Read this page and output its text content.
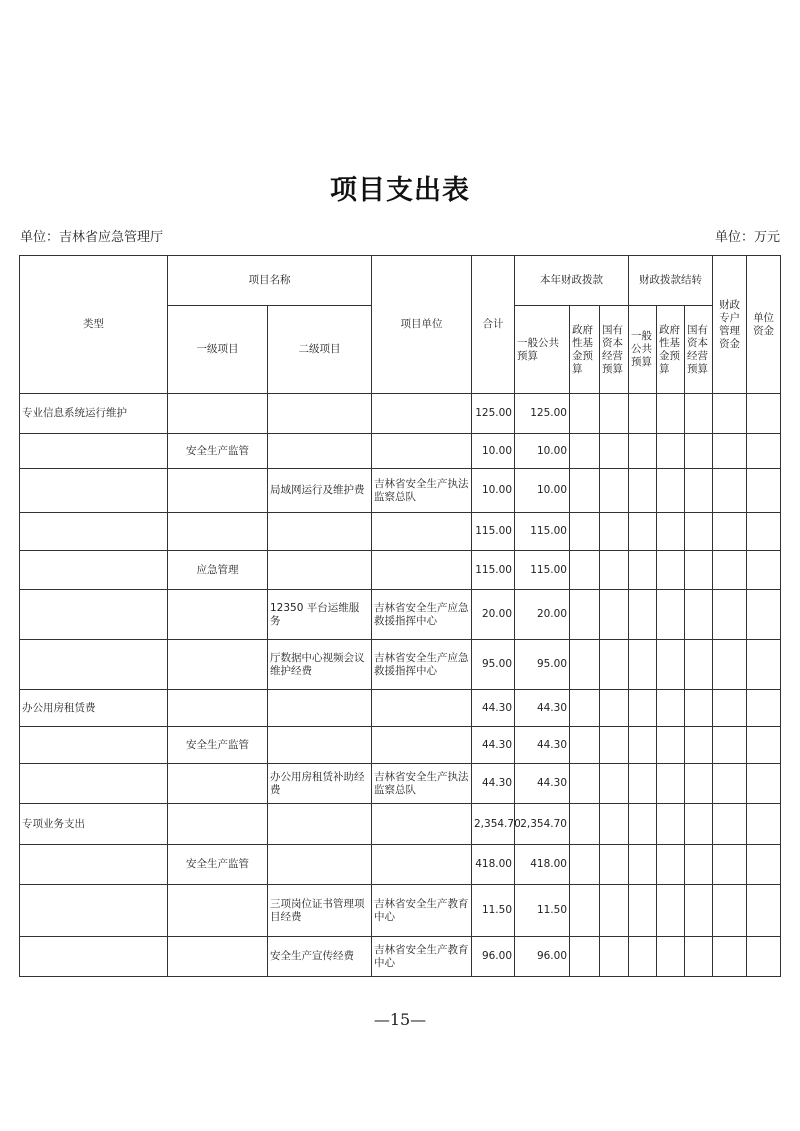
项目支出表
单位：吉林省应急管理厅	单位：万元
类型	项目名称		项目单位	合计	本年财政拨款			财政拨款结转			财政专户管理资金	单位资金
	一级项目	二级项目			一般公共预算	政府性基金预算	国有资本经营预算	一般公共预算	政府性基金预算	国有资本经营预算		
专业信息系统运行维护				125.00	125.00							
	安全生产监管			10.00	10.00							
		局域网运行及维护费	吉林省安全生产执法监察总队	10.00	10.00							
				115.00	115.00							
	应急管理			115.00	115.00							
		12350 平台运维服务	吉林省安全生产应急救援指挥中心	20.00	20.00							
		厅数据中心视频会议维护经费	吉林省安全生产应急救援指挥中心	95.00	95.00							
办公用房租赁费				44.30	44.30							
	安全生产监管			44.30	44.30							
		办公用房租赁补助经费	吉林省安全生产执法监察总队	44.30	44.30							
专项业务支出				2,354.70	2,354.70							
	安全生产监管			418.00	418.00							
		三项岗位证书管理项目经费	吉林省安全生产教育中心	11.50	11.50							
		安全生产宣传经费	吉林省安全生产教育中心	96.00	96.00							
—15—
